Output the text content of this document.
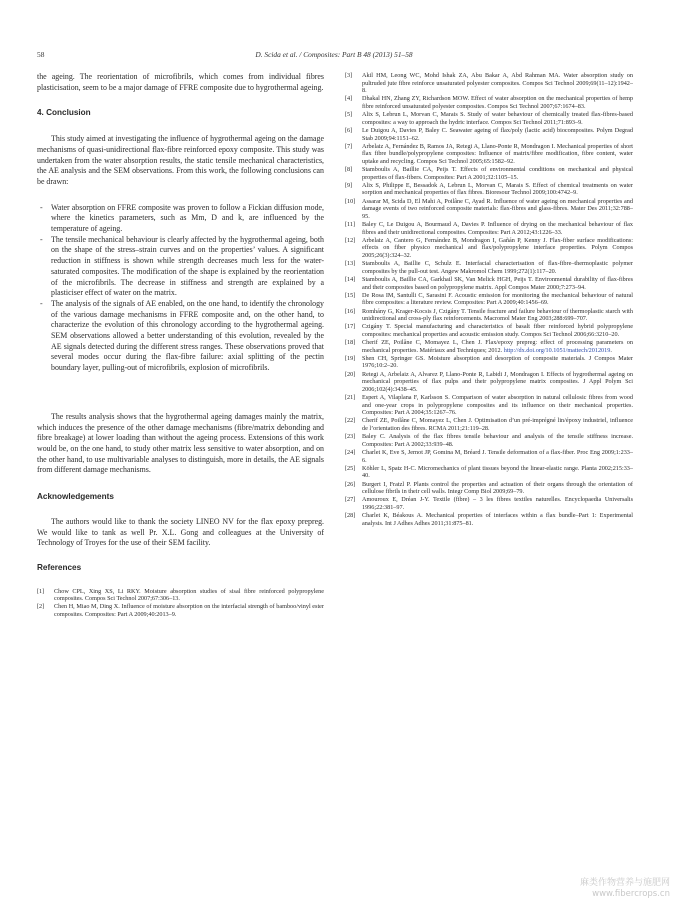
58	D. Scida et al. / Composites: Part B 48 (2013) 51–58

the ageing. The reorientation of microfibrils, which comes from individual fibres plasticisation, seem to be a major damage of FFRE composite due to hygrothermal ageing.

4. Conclusion

This study aimed at investigating the influence of hygrothermal ageing on the damage mechanisms of quasi-unidirectional flax-fibre reinforced epoxy composite. This study was undertaken from the water absorption results, the static tensile mechanical characteristics, the AE analysis and the SEM observations. From this work, the following conclusions can be drawn:

- Water absorption on FFRE composite was proven to follow a Fickian diffusion mode, where the kinetics parameters, such as Mm, D and k, are influenced by the temperature of ageing.
- The tensile mechanical behaviour is clearly affected by the hygrothermal ageing, both on the shape of the stress–strain curves and on the properties’ values. A significant reduction in stiffness is shown while strength decreases much less for the water-saturated composites. The modification of the shape is explained by the reorientation of the microfibrils. The decrease in stiffness and strength are explained by a plasticiser effect of water on the matrix.
- The analysis of the signals of AE enabled, on the one hand, to identify the chronology of the various damage mechanisms in FFRE composite and, on the other hand, to characterize the evolution of this chronology according to the hygrothermal ageing. SEM observations allowed a better understanding of this evolution, revealed by the AE signals detected during the different stress ranges. These observations proved that several modes occur during the flax-fibre failure: axial splitting of the pectin boundary layer, pulling-out of microfibrils, explosion of microfibrils.

The results analysis shows that the hygrothermal ageing damages mainly the matrix, which induces the presence of the other damage mechanisms (fibre/matrix debonding and fibre breakage) at lower loading than without the ageing process. Extensions of this work would be, on the one hand, to study other matrix less sensitive to water absorption, and on the other hand, to use multivariable analyses to distinguish, more in details, the AE signals from different damage mechanisms.

Acknowledgements

The authors would like to thank the society LINEO NV for the flax epoxy prepreg. We would like to tank as well Pr. X.L. Gong and colleagues at the University of Technology of Troyes for the use of their SEM facility.

References
[1] Chow CPL, Xing XS, Li RKY. Moisture absorption studies of sisal fibre reinforced polypropylene composites. Compos Sci Technol 2007;67:306–13.
[2] Chen H, Miao M, Ding X. Influence of moisture absorption on the interfacial strength of bamboo/vinyl ester composites. Composites: Part A 2009;40:2013–9.
[3] Akil HM, Leong WC, Mohd Ishak ZA, Abu Bakar A, Abd Rahman MA. Water absorption study on pultruded jute fibre reinforce unsaturated polyester composites. Compos Sci Technol 2009;69(11–12):1942–8.
[4] Dhakal HN, Zhang ZY, Richardson MOW. Effect of water absorption on the mechanical properties of hemp fibre reinforced unsaturated polyester composites. Compos Sci Technol 2007;67:1674–83.
[5] Alix S, Lebrun L, Morvan C, Marais S. Study of water behaviour of chemically treated flax-fibres-based composites: a way to approach the hydric interface. Compos Sci Technol 2011;71:893–9.
[6] Le Duigou A, Davies P, Baley C. Seawater ageing of flax/poly (lactic acid) biocomposites. Polym Degrad Stab 2009;94:1151–62.
[7] Arbelaiz A, Fernández B, Ramos JA, Retegi A, Llano-Ponte R, Mondragon I. Mechanical properties of short flax fibre bundle/polypropylene composites: Influence of matrix/fibre modification, fibre content, water uptake and recycling. Compos Sci Technol 2005;65:1582–92.
[8] Stamboulis A, Baillie CA, Peijs T. Effects of environmental conditions on mechanical and physical properties of flax-fibers. Composites: Part A 2001;32:1105–15.
[9] Alix S, Philippe E, Bessadok A, Lebrun L, Morvan C, Marais S. Effect of chemical treatments on water sorption and mechanical properties of flax fibres. Bioresour Technol 2009;100:4742–9.
[10] Assarar M, Scida D, El Mahi A, Poilâne C, Ayad R. Influence of water ageing on mechanical properties and damage events of two reinforced composite materials: flax-fibres and glass-fibres. Mater Des 2011;32:788–95.
[11] Baley C, Le Duigou A, Bourmaud A, Davies P. Influence of drying on the mechanical behaviour of flax fibres and their unidirectional composites. Composites: Part A 2012;43:1226–33.
[12] Arbelaiz A, Cantero G, Fernández B, Mondragon I, Gañán P, Kenny J. Flax-fiber surface modifications: effects on fiber physico mechanical and flax/polypropylene interface properties. Polym Compos 2005;26(3):324–32.
[13] Stamboulis A, Baillie C, Schulz E. Interfacial characterisation of flax-fibre–thermoplastic polymer composites by the pull-out test. Angew Makromol Chem 1999;272(1):117–20.
[14] Stamboulis A, Baillie CA, Garkhail SK, Van Melick HGH, Peijs T. Environmental durability of flax-fibres and their composites based on polypropylene matrix. Appl Compos Mater 2000;7:273–94.
[15] De Rosa IM, Santulli C, Sarasini F. Acoustic emission for monitoring the mechanical behaviour of natural fibre composites: a literature review. Composites: Part A 2009;40:1456–69.
[16] Romhány G, Krager-Kocsis J, Czigány T. Tensile fracture and failure behaviour of thermoplastic starch with unidirectional and cross-ply flax reinforcements. Macromol Mater Eng 2003;288:699–707.
[17] Czigány T. Special manufacturing and characteristics of basalt fiber reinforced hybrid polypropylene composites: mechanical properties and acoustic emission study. Compos Sci Technol 2006;66:3210–20.
[18] Cherif ZE, Poilâne C, Momayez L, Chen J. Flax/epoxy prepreg: effect of processing parameters on mechanical properties. Matériaux and Techniques; 2012. http://dx.doi.org/10.1051/mattech/2012019.
[19] Shen CH, Springer GS. Moisture absorption and desorption of composite materials. J Compos Mater 1976;10:2–20.
[20] Retegi A, Arbelaiz A, Alvarez P, Llano-Ponte R, Labidi J, Mondragon I. Effects of hygrothermal ageing on mechanical properties of flax pulps and their polypropylene matrix composites. J Appl Polym Sci 2006;102(4):3438–45.
[21] Espert A, Vilaplana F, Karlsson S. Comparison of water absorption in natural cellulosic fibres from wood and one-year crops in polypropylene composites and its influence on their mechanical properties. Composites: Part A 2004;35:1267–76.
[22] Cherif ZE, Poilâne C, Momayez L, Chen J. Optimisation d’un pré-imprégné lin/époxy industriel, influence de l’orientation des fibres. RCMA 2011;21:119–28.
[23] Baley C. Analysis of the flax fibres tensile behaviour and analysis of the tensile stiffness increase. Composites: Part A 2002;33:939–48.
[24] Charlet K, Eve S, Jernot JP, Gomina M, Bréard J. Tensile deformation of a flax-fiber. Proc Eng 2009;1:233–6.
[25] Köhler L, Spatz H-C. Micromechanics of plant tissues beyond the linear-elastic range. Planta 2002;215:33–40.
[26] Burgert I, Fratzl P. Plants control the properties and actuation of their organs through the orientation of cellulose fibrils in their cell walls. Integr Comp Biol 2009;69–79.
[27] Amouroux E, Dréan J-Y. Textile (fibre) – 3 les fibres textiles naturelles. Encyclopaedia Universalis 1996;22:381–97.
[28] Charlet K, Béakous A. Mechanical properties of interfaces within a flax bundle–Part 1: Experimental analysis. Int J Adhes Adhes 2011;31:875–81.
麻类作物营养与施肥网
www.fibercrops.cn
